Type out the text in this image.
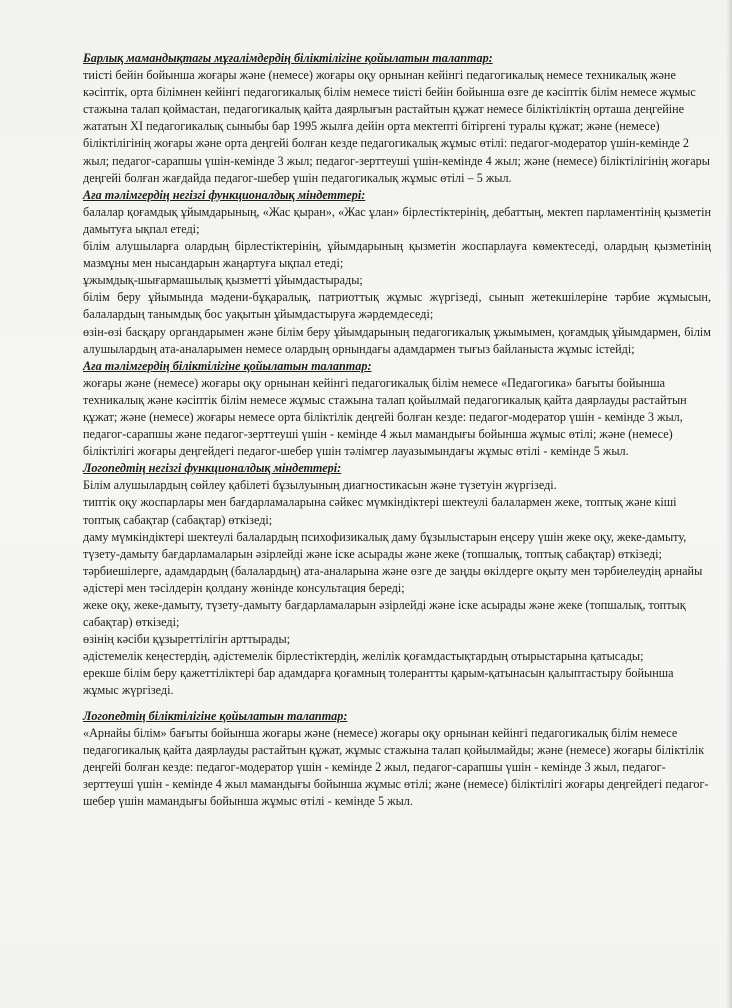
Барлық мамандықтағы мұғалімдердің біліктілігіне қойылатын талаптар:
тиісті бейін бойынша жоғары және (немесе) жоғары оқу орнынан кейінгі педагогикалық немесе техникалық және кәсіптік, орта білімнен кейінгі педагогикалық білім немесе тиісті бейін бойынша өзге де кәсіптік білім немесе жұмыс стажына талап қоймастан, педагогикалық қайта даярлығын растайтын құжат немесе біліктіліктің орташа деңгейіне жататын XI педагогикалық сыныбы бар 1995 жылға дейін орта мектепті бітіргені туралы құжат; және (немесе) біліктілігінің жоғары және орта деңгейі болған кезде педагогикалық жұмыс өтілі: педагог-модератор үшін-кемінде 2 жыл; педагог-сарапшы үшін-кемінде 3 жыл; педагог-зерттеуші үшін-кемінде 4 жыл; және (немесе) біліктілігінің жоғары деңгейі болған жағдайда педагог-шебер үшін педагогикалық жұмыс өтілі – 5 жыл.
Аға тәлімгердің негізгі функционалдық міндеттері:
балалар қоғамдық ұйымдарының, «Жас қыран», «Жас ұлан» бірлестіктерінің, дебаттың, мектеп парламентінің қызметін дамытуға ықпал етеді;
білім алушыларға олардың бірлестіктерінің, ұйымдарының қызметін жоспарлауға көмектеседі, олардың қызметінің мазмұны мен нысандарын жаңартуға ықпал етеді;
ұжымдық-шығармашылық қызметті ұйымдастырады;
білім беру ұйымында мәдени-бұқаралық, патриоттық жұмыс жүргізеді, сынып жетекшілеріне тәрбие жұмысын, балалардың танымдық бос уақытын ұйымдастыруға жәрдемдеседі;
өзін-өзі басқару органдарымен және білім беру ұйымдарының педагогикалық ұжымымен, қоғамдық ұйымдармен, білім алушылардың ата-аналарымен немесе олардың орнындағы адамдармен тығыз байланыста жұмыс істейді;
Аға тәлімгердің біліктілігіне қойылатын талаптар:
жоғары және (немесе) жоғары оқу орнынан кейінгі педагогикалық білім немесе «Педагогика» бағыты бойынша техникалық және кәсіптік білім немесе жұмыс стажына талап қойылмай педагогикалық қайта даярлауды растайтын құжат; және (немесе) жоғары немесе орта біліктілік деңгейі болған кезде: педагог-модератор үшін - кемінде 3 жыл, педагог-сарапшы және педагог-зерттеуші үшін - кемінде 4 жыл мамандығы бойынша жұмыс өтілі; және (немесе) біліктілігі жоғары деңгейдегі педагог-шебер үшін тәлімгер лауазымындағы жұмыс өтілі - кемінде 5 жыл.
Логопедтің негізгі функционалдық міндеттері:
Білім алушылардың сөйлеу қабілеті бұзылуының диагностикасын және түзетуін жүргізеді.
типтік оқу жоспарлары мен бағдарламаларына сәйкес мүмкіндіктері шектеулі балалармен жеке, топтық және кіші топтық сабақтар (сабақтар) өткізеді;
даму мүмкіндіктері шектеулі балалардың психофизикалық даму бұзылыстарын еңсеру үшін жеке оқу, жеке-дамыту, түзету-дамыту бағдарламаларын әзірлейді және іске асырады және жеке (топшалық, топтық сабақтар) өткізеді;
тәрбиешілерге, адамдардың (балалардың) ата-аналарына және өзге де заңды өкілдерге оқыту мен тәрбиелеудің арнайы әдістері мен тәсілдерін қолдану жөнінде консультация береді;
жеке оқу, жеке-дамыту, түзету-дамыту бағдарламаларын әзірлейді және іске асырады және жеке (топшалық, топтық сабақтар) өткізеді;
өзінің кәсіби құзыреттілігін арттырады;
әдістемелік кеңестердің, әдістемелік бірлестіктердің, желілік қоғамдастықтардың отырыстарына қатысады;
ерекше білім беру қажеттіліктері бар адамдарға қоғамның толерантты қарым-қатынасын қалыптастыру бойынша жұмыс жүргізеді.
Логопедтің біліктілігіне қойылатын талаптар:
«Арнайы білім» бағыты бойынша жоғары және (немесе) жоғары оқу орнынан кейінгі педагогикалық білім немесе педагогикалық қайта даярлауды растайтын құжат, жұмыс стажына талап қойылмайды; және (немесе) жоғары біліктілік деңгейі болған кезде: педагог-модератор үшін - кемінде 2 жыл, педагог-сарапшы үшін - кемінде 3 жыл, педагог-зерттеуші үшін - кемінде 4 жыл мамандығы бойынша жұмыс өтілі; және (немесе) біліктілігі жоғары деңгейдегі педагог-шебер үшін мамандығы бойынша жұмыс өтілі - кемінде 5 жыл.
